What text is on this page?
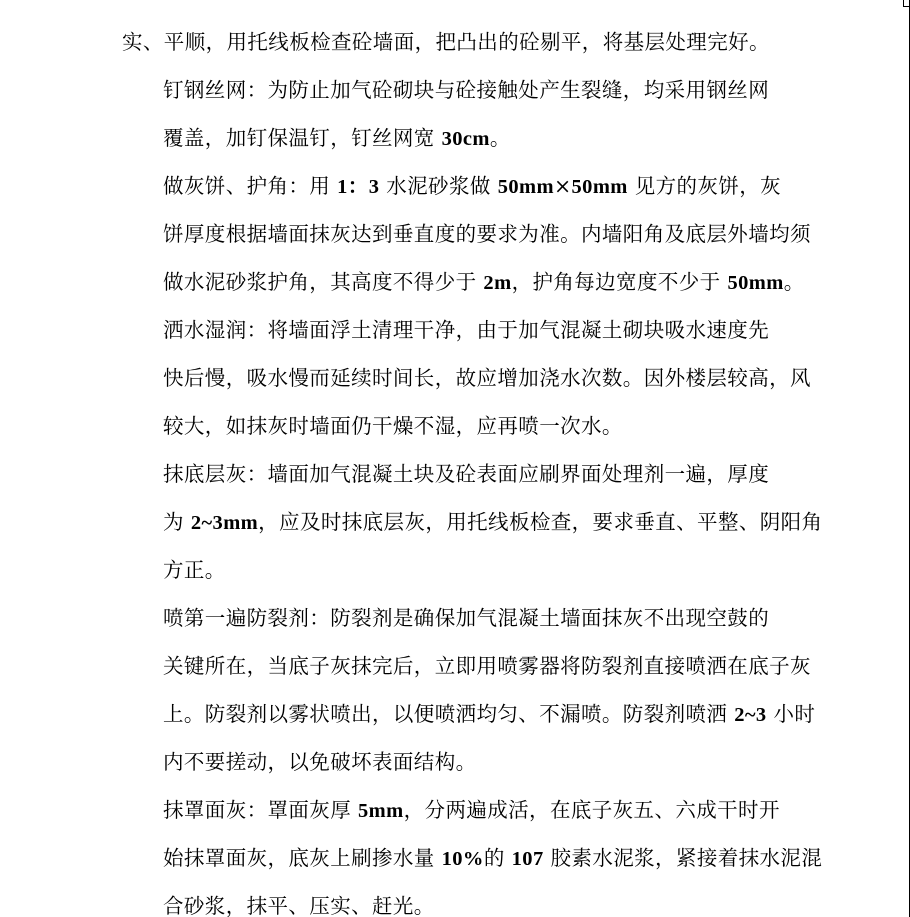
实、平顺，用托线板检查砼墙面，把凸出的砼剔平，将基层处理完好。
钉钢丝网：为防止加气砼砌块与砼接触处产生裂缝，均采用钢丝网
覆盖，加钉保温钉，钉丝网宽 30cm。
做灰饼、护角：用 1：3 水泥砂浆做 50mm×50mm 见方的灰饼，灰
饼厚度根据墙面抹灰达到垂直度的要求为准。内墙阳角及底层外墙均须
做水泥砂浆护角，其高度不得少于 2m，护角每边宽度不少于 50mm。
洒水湿润：将墙面浮土清理干净，由于加气混凝土砌块吸水速度先
快后慢，吸水慢而延续时间长，故应增加浇水次数。因外楼层较高，风
较大，如抹灰时墙面仍干燥不湿，应再喷一次水。
抹底层灰：墙面加气混凝土块及砼表面应刷界面处理剂一遍，厚度
为 2~3mm，应及时抹底层灰，用托线板检查，要求垂直、平整、阴阳角
方正。
喷第一遍防裂剂：防裂剂是确保加气混凝土墙面抹灰不出现空鼓的
关键所在，当底子灰抹完后，立即用喷雾器将防裂剂直接喷洒在底子灰
上。防裂剂以雾状喷出，以便喷洒均匀、不漏喷。防裂剂喷洒 2~3 小时
内不要搓动，以免破坏表面结构。
抹罩面灰：罩面灰厚 5mm，分两遍成活，在底子灰五、六成干时开
始抹罩面灰，底灰上刷掺水量 10%的 107 胶素水泥浆，紧接着抹水泥混
合砂浆，抹平、压实、赶光。
